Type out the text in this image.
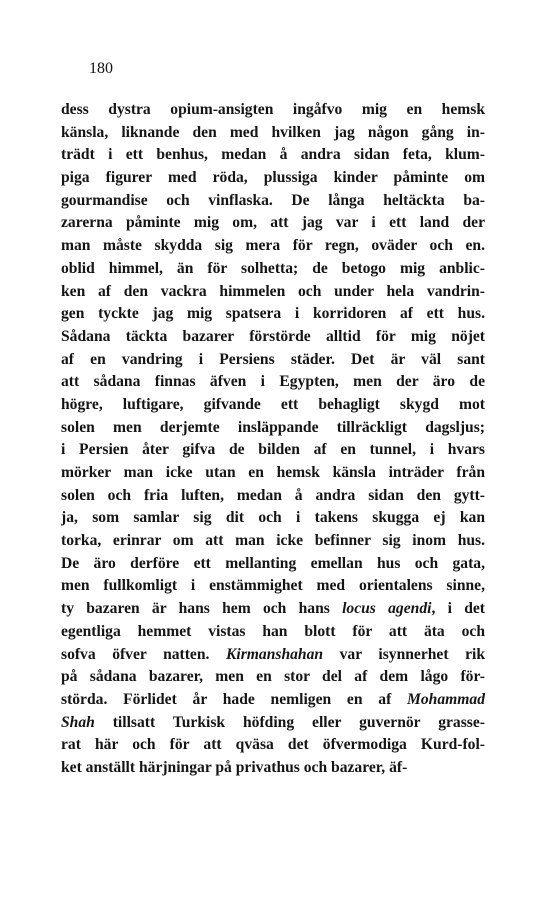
180
dess dystra opium-ansigten ingåfvo mig en hemsk
känsla, liknande den med hvilken jag någon gång in-
trädt i ett benhus, medan å andra sidan feta, klum-
piga figurer med röda, plussiga kinder påminte om
gourmandise och vinflaska. De långa heltäckta ba-
zarerna påminte mig om, att jag var i ett land der
man måste skydda sig mera för regn, oväder och en.
oblid himmel, än för solhetta; de betogo mig anblic-
ken af den vackra himmelen och under hela vandrin-
gen tyckte jag mig spatsera i korridoren af ett hus.
Sådana täckta bazarer förstörde alltid för mig nöjet
af en vandring i Persiens städer. Det är väl sant
att sådana finnas äfven i Egypten, men der äro de
högre, luftigare, gifvande ett behagligt skygd mot
solen men derjemte insläppande tillräckligt dagsljus;
i Persien åter gifva de bilden af en tunnel, i hvars
mörker man icke utan en hemsk känsla inträder från
solen och fria luften, medan å andra sidan den gytt-
ja, som samlar sig dit och i takens skugga ej kan
torka, erinrar om att man icke befinner sig inom hus.
De äro derföre ett mellanting emellan hus och gata,
men fullkomligt i enstämmighet med orientalens sinne,
ty bazaren är hans hem och hans locus agendi, i det
egentliga hemmet vistas han blott för att äta och
sofva öfver natten. Kirmanshahan var isynnerhet rik
på sådana bazarer, men en stor del af dem lågo för-
störda. Förlidet år hade nemligen en af Mohammad
Shah tillsatt Turkisk höfding eller guvernör grasse-
rat här och för att qväsa det öfvermodiga Kurd-fol-
ket anställt härjningar på privathus och bazarer, äf-
